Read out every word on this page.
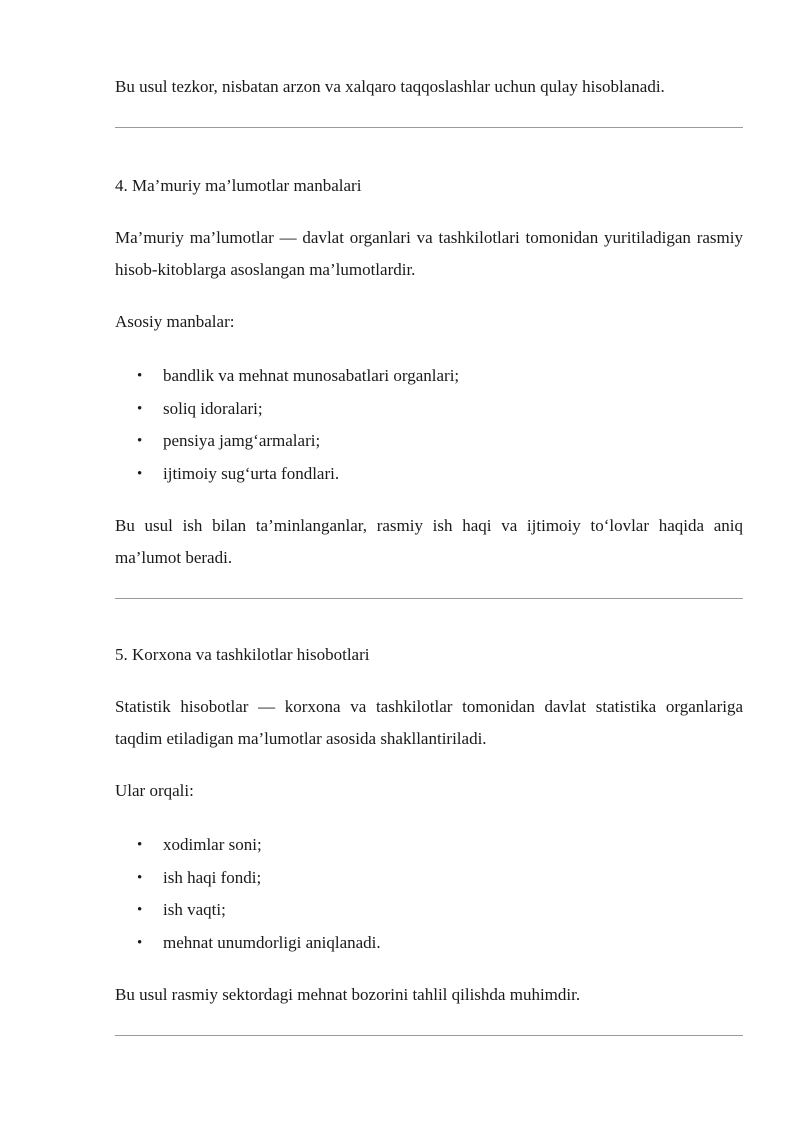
Bu usul tezkor, nisbatan arzon va xalqaro taqqoslashlar uchun qulay hisoblanadi.

4. Ma’muriy ma’lumotlar manbalari

Ma’muriy ma’lumotlar — davlat organlari va tashkilotlari tomonidan yuritiladigan rasmiy hisob-kitoblarga asoslangan ma’lumotlardir.

Asosiy manbalar:

• bandlik va mehnat munosabatlari organlari;
• soliq idoralari;
• pensiya jamg‘armalari;
• ijtimoiy sug‘urta fondlari.

Bu usul ish bilan ta’minlanganlar, rasmiy ish haqi va ijtimoiy to‘lovlar haqida aniq ma’lumot beradi.

5. Korxona va tashkilotlar hisobotlari

Statistik hisobotlar — korxona va tashkilotlar tomonidan davlat statistika organlariga taqdim etiladigan ma’lumotlar asosida shakllantiriladi.

Ular orqali:

• xodimlar soni;
• ish haqi fondi;
• ish vaqti;
• mehnat unumdorligi aniqlanadi.

Bu usul rasmiy sektordagi mehnat bozorini tahlil qilishda muhimdir.
